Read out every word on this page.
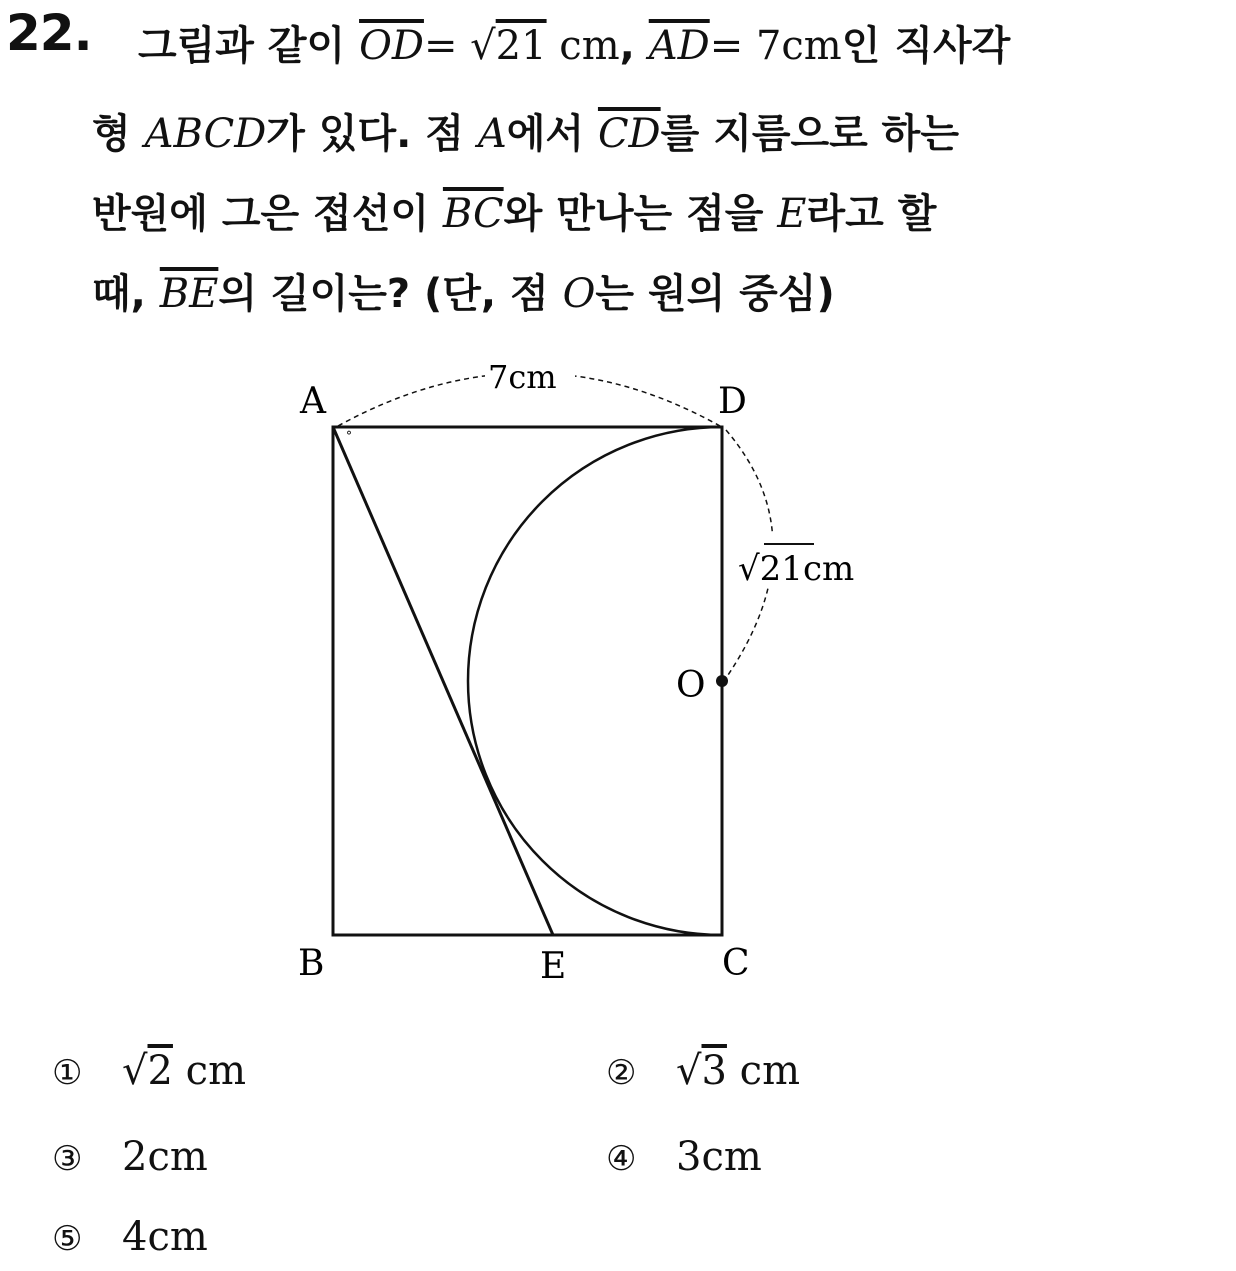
22. 그림과 같이 $\overline{OD}= √21$ cm, $\overline{AD}= 7cm$인 직사각
형 ABCD가 있다. 점 A에서 $\overline{CD}$를 지름으로 하는
반원에 그은 접선이 $\overline{BC}$와 만나는 점을 E라고 할
때, $\overline{BE}$의 길이는? (단, 점 O는 원의 중심)
°
A	D
B	E	C
O
7cm
√21cm
① √2 cm	② √3 cm
③ 2cm	④ 3cm
⑤ 4cm
